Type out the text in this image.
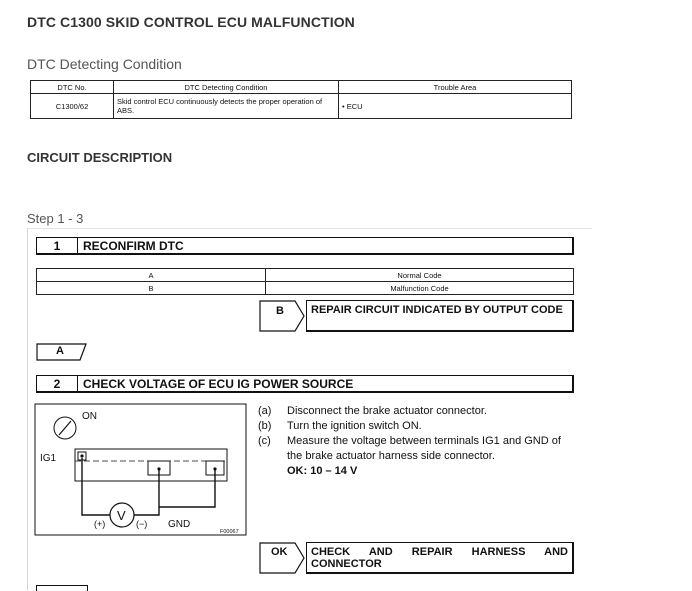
DTC C1300 SKID CONTROL ECU MALFUNCTION
DTC Detecting Condition
DTC No.	DTC Detecting Condition	Trouble Area
C1300/62	Skid control ECU continuously detects the proper operation of ABS.	• ECU
CIRCUIT DESCRIPTION
Step 1 - 3
1	RECONFIRM DTC
A	Normal Code
B	Malfunction Code
B	REPAIR CIRCUIT INDICATED BY OUTPUT CODE
A
2	CHECK VOLTAGE OF ECU IG POWER SOURCE
ON
IG1
V
(+)	(−) GND
F00067
(a)	Disconnect the brake actuator connector.
(b)	Turn the ignition switch ON.
(c)	Measure the voltage between terminals IG1 and GND of the brake actuator harness side connector.
OK: 10 – 14 V
OK	CHECK AND REPAIR HARNESS AND CONNECTOR
